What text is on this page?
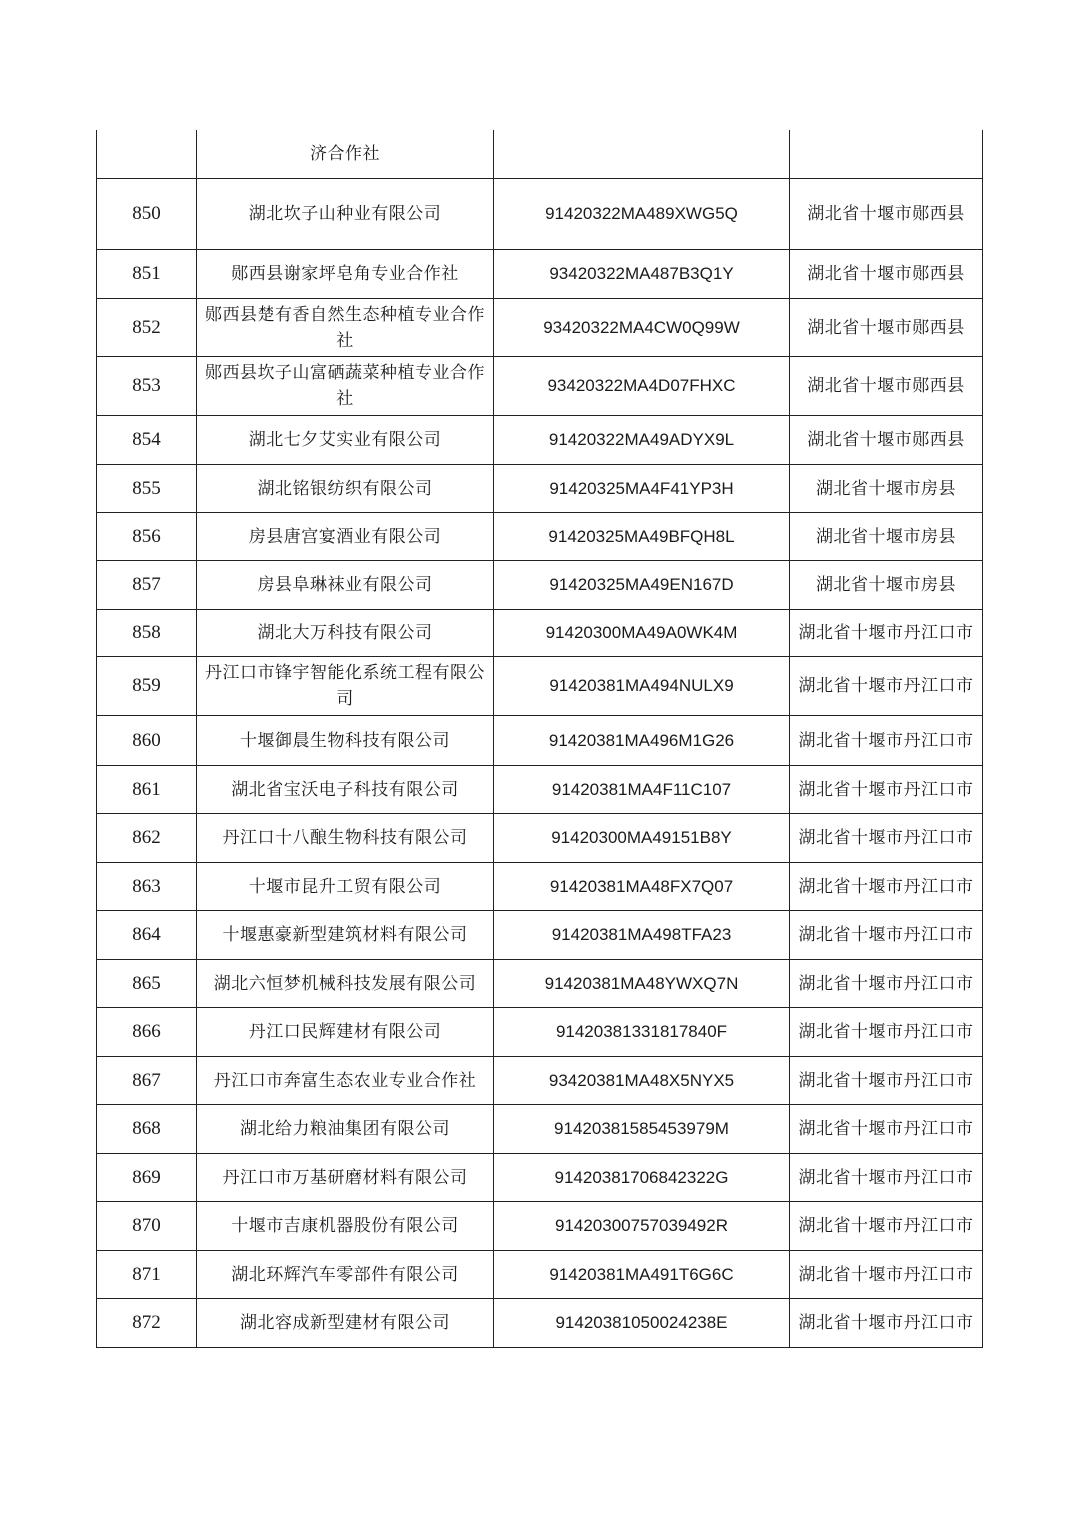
	济合作社		
850	湖北坎子山种业有限公司	91420322MA489XWG5Q	湖北省十堰市郧西县
851	郧西县谢家坪皂角专业合作社	93420322MA487B3Q1Y	湖北省十堰市郧西县
852	郧西县楚有香自然生态种植专业合作社	93420322MA4CW0Q99W	湖北省十堰市郧西县
853	郧西县坎子山富硒蔬菜种植专业合作社	93420322MA4D07FHXC	湖北省十堰市郧西县
854	湖北七夕艾实业有限公司	91420322MA49ADYX9L	湖北省十堰市郧西县
855	湖北铭银纺织有限公司	91420325MA4F41YP3H	湖北省十堰市房县
856	房县唐宫宴酒业有限公司	91420325MA49BFQH8L	湖北省十堰市房县
857	房县阜琳袜业有限公司	91420325MA49EN167D	湖北省十堰市房县
858	湖北大万科技有限公司	91420300MA49A0WK4M	湖北省十堰市丹江口市
859	丹江口市锋宇智能化系统工程有限公司	91420381MA494NULX9	湖北省十堰市丹江口市
860	十堰御晨生物科技有限公司	91420381MA496M1G26	湖北省十堰市丹江口市
861	湖北省宝沃电子科技有限公司	91420381MA4F11C107	湖北省十堰市丹江口市
862	丹江口十八酿生物科技有限公司	91420300MA49151B8Y	湖北省十堰市丹江口市
863	十堰市昆升工贸有限公司	91420381MA48FX7Q07	湖北省十堰市丹江口市
864	十堰惠豪新型建筑材料有限公司	91420381MA498TFA23	湖北省十堰市丹江口市
865	湖北六恒梦机械科技发展有限公司	91420381MA48YWXQ7N	湖北省十堰市丹江口市
866	丹江口民辉建材有限公司	91420381331817840F	湖北省十堰市丹江口市
867	丹江口市奔富生态农业专业合作社	93420381MA48X5NYX5	湖北省十堰市丹江口市
868	湖北给力粮油集团有限公司	91420381585453979M	湖北省十堰市丹江口市
869	丹江口市万基研磨材料有限公司	91420381706842322G	湖北省十堰市丹江口市
870	十堰市吉康机器股份有限公司	91420300757039492R	湖北省十堰市丹江口市
871	湖北环辉汽车零部件有限公司	91420381MA491T6G6C	湖北省十堰市丹江口市
872	湖北容成新型建材有限公司	91420381050024238E	湖北省十堰市丹江口市
